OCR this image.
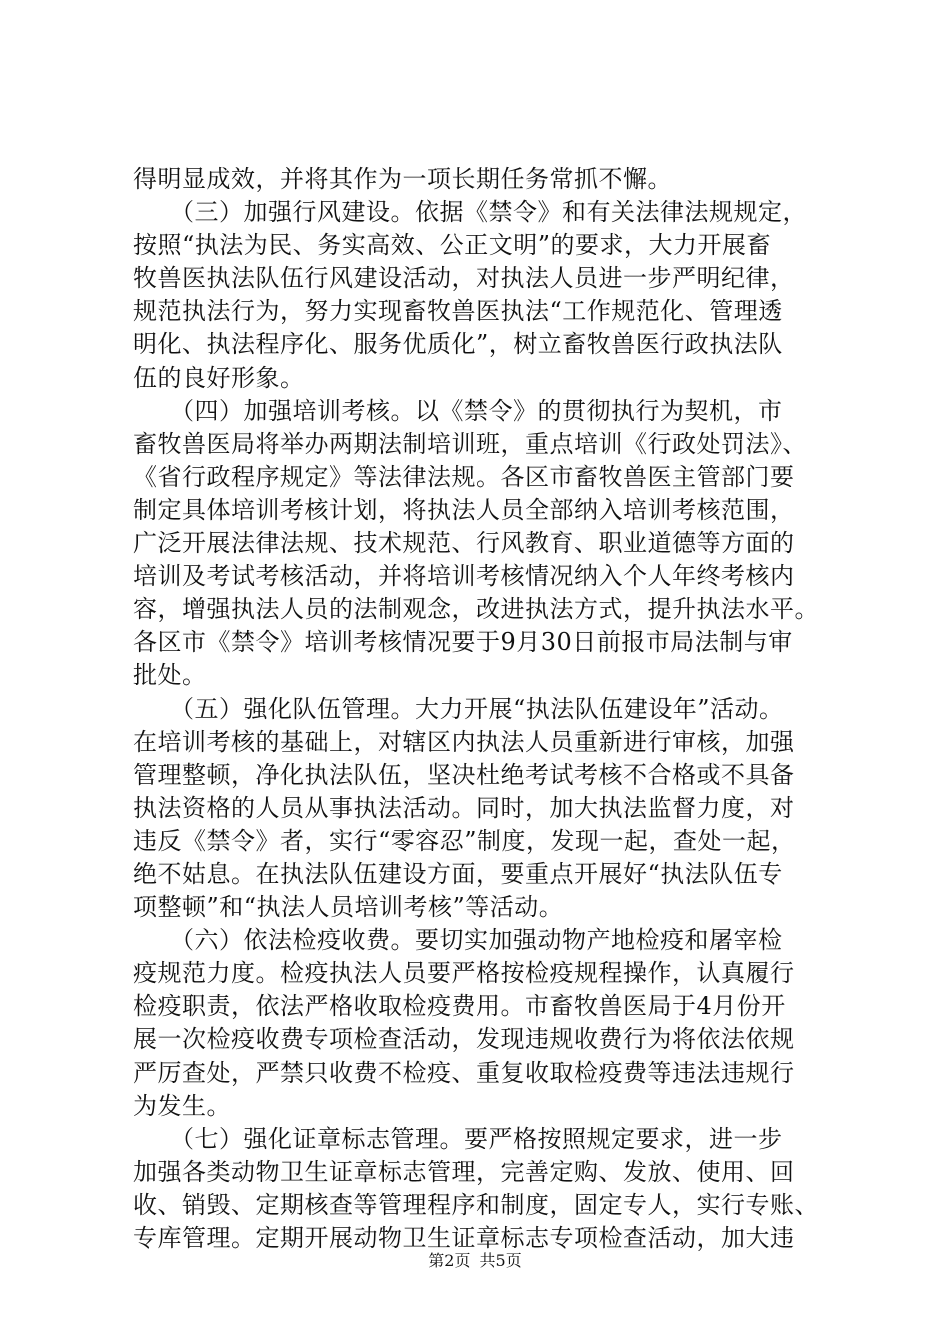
得明显成效，并将其作为一项长期任务常抓不懈。
　　（三）加强行风建设。依据《禁令》和有关法律法规规定，
按照“执法为民、务实高效、公正文明”的要求，大力开展畜
牧兽医执法队伍行风建设活动，对执法人员进一步严明纪律，
规范执法行为，努力实现畜牧兽医执法“工作规范化、管理透
明化、执法程序化、服务优质化”，树立畜牧兽医行政执法队
伍的良好形象。
　　（四）加强培训考核。以《禁令》的贯彻执行为契机，市
畜牧兽医局将举办两期法制培训班，重点培训《行政处罚法》、
《省行政程序规定》等法律法规。各区市畜牧兽医主管部门要
制定具体培训考核计划，将执法人员全部纳入培训考核范围，
广泛开展法律法规、技术规范、行风教育、职业道德等方面的
培训及考试考核活动，并将培训考核情况纳入个人年终考核内
容，增强执法人员的法制观念，改进执法方式，提升执法水平。
各区市《禁令》培训考核情况要于9月30日前报市局法制与审
批处。
　　（五）强化队伍管理。大力开展“执法队伍建设年”活动。
在培训考核的基础上，对辖区内执法人员重新进行审核，加强
管理整顿，净化执法队伍，坚决杜绝考试考核不合格或不具备
执法资格的人员从事执法活动。同时，加大执法监督力度，对
违反《禁令》者，实行“零容忍”制度，发现一起，查处一起，
绝不姑息。在执法队伍建设方面，要重点开展好“执法队伍专
项整顿”和“执法人员培训考核”等活动。
　　（六）依法检疫收费。要切实加强动物产地检疫和屠宰检
疫规范力度。检疫执法人员要严格按检疫规程操作，认真履行
检疫职责，依法严格收取检疫费用。市畜牧兽医局于4月份开
展一次检疫收费专项检查活动，发现违规收费行为将依法依规
严厉查处，严禁只收费不检疫、重复收取检疫费等违法违规行
为发生。
　　（七）强化证章标志管理。要严格按照规定要求，进一步
加强各类动物卫生证章标志管理，完善定购、发放、使用、回
收、销毁、定期核查等管理程序和制度，固定专人，实行专账、
专库管理。定期开展动物卫生证章标志专项检查活动，加大违
第2页 共5页
